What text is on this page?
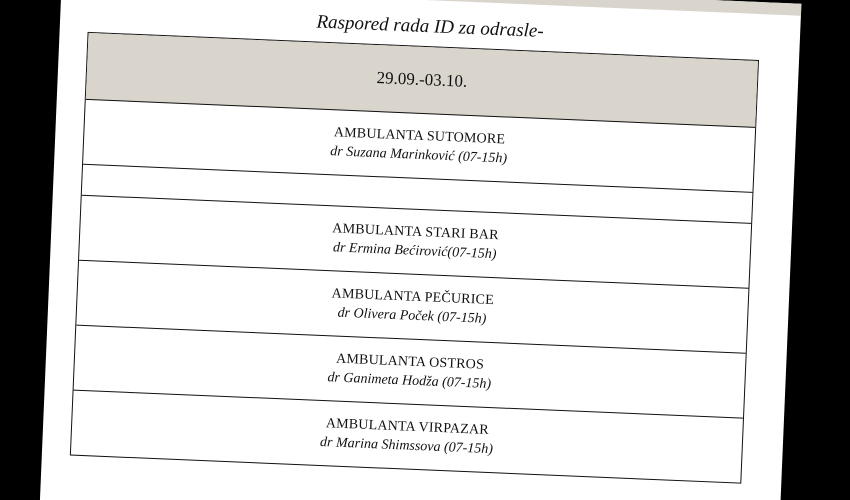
Raspored rada ID za odrasle-
29.09.-03.10.
AMBULANTA SUTOMORE
dr Suzana Marinković (07-15h)
AMBULANTA STARI BAR
dr Ermina Bećirović(07-15h)
AMBULANTA PEČURICE
dr Olivera Poček (07-15h)
AMBULANTA OSTROS
dr Ganimeta Hodža (07-15h)
AMBULANTA VIRPAZAR
dr Marina Shimssova (07-15h)
